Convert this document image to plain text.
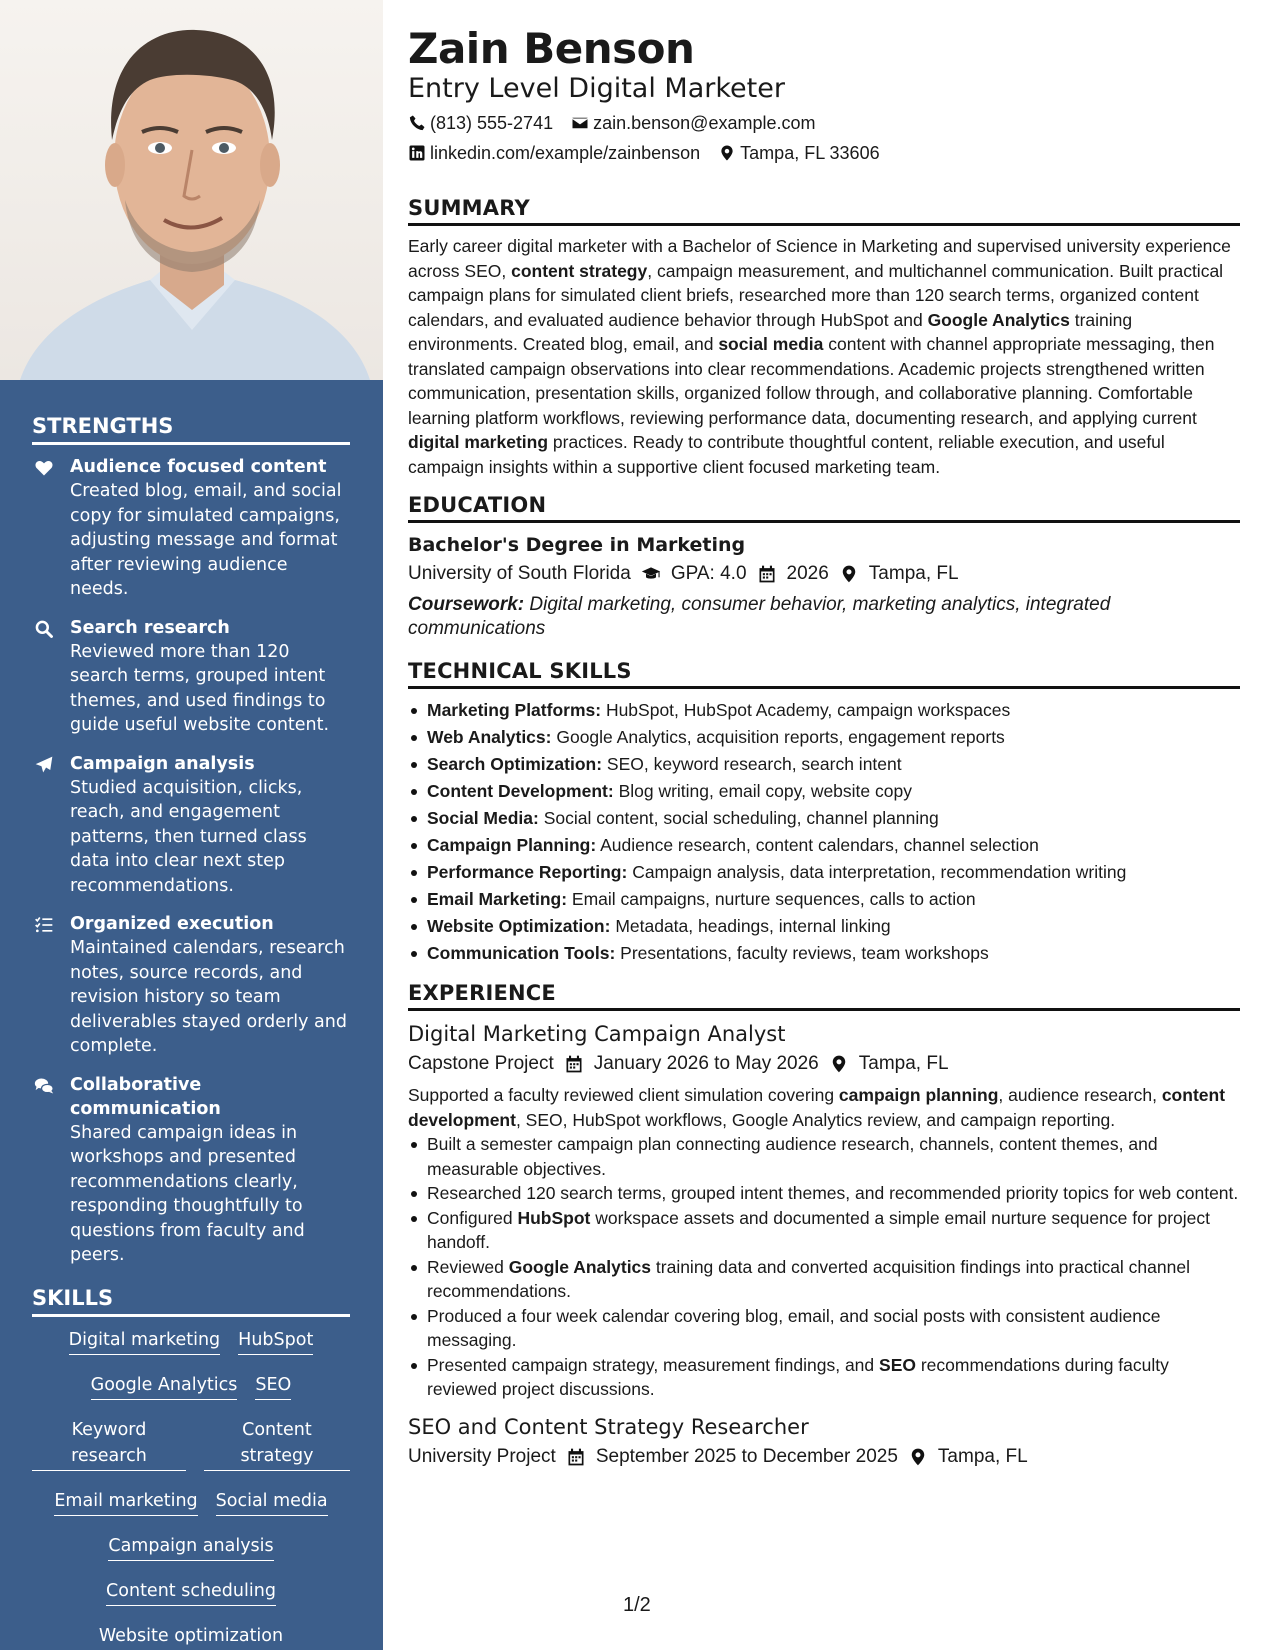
STRENGTHS
Audience focused content
Created blog, email, and social copy for simulated campaigns, adjusting message and format after reviewing audience needs.
Search research
Reviewed more than 120 search terms, grouped intent themes, and used findings to guide useful website content.
Campaign analysis
Studied acquisition, clicks, reach, and engagement patterns, then turned class data into clear next step recommendations.
Organized execution
Maintained calendars, research notes, source records, and revision history so team deliverables stayed orderly and complete.
Collaborative communication
Shared campaign ideas in workshops and presented recommendations clearly, responding thoughtfully to questions from faculty and peers.
SKILLS
Digital marketing HubSpot
Google Analytics SEO
Keyword research
Content strategy
Email marketing Social media
Campaign analysis
Content scheduling
Website optimization
Zain Benson
Entry Level Digital Marketer
(813) 555-2741 zain.benson@example.com
linkedin.com/example/zainbenson Tampa, FL 33606
SUMMARY

Early career digital marketer with a Bachelor of Science in Marketing and supervised university experience across SEO, content strategy, campaign measurement, and multichannel communication. Built practical campaign plans for simulated client briefs, researched more than 120 search terms, organized content calendars, and evaluated audience behavior through HubSpot and Google Analytics training environments. Created blog, email, and social media content with channel appropriate messaging, then translated campaign observations into clear recommendations. Academic projects strengthened written communication, presentation skills, organized follow through, and collaborative planning. Comfortable learning platform workflows, reviewing performance data, documenting research, and applying current digital marketing practices. Ready to contribute thoughtful content, reliable execution, and useful campaign insights within a supportive client focused marketing team.

EDUCATION
Bachelor's Degree in Marketing
University of South Florida GPA: 4.0 2026 Tampa, FL
Coursework: Digital marketing, consumer behavior, marketing analytics, integrated communications
TECHNICAL SKILLS
Marketing Platforms: HubSpot, HubSpot Academy, campaign workspaces
Web Analytics: Google Analytics, acquisition reports, engagement reports
Search Optimization: SEO, keyword research, search intent
Content Development: Blog writing, email copy, website copy
Social Media: Social content, social scheduling, channel planning
Campaign Planning: Audience research, content calendars, channel selection
Performance Reporting: Campaign analysis, data interpretation, recommendation writing
Email Marketing: Email campaigns, nurture sequences, calls to action
Website Optimization: Metadata, headings, internal linking
Communication Tools: Presentations, faculty reviews, team workshops
EXPERIENCE
Digital Marketing Campaign Analyst
Capstone Project January 2026 to May 2026 Tampa, FL

Supported a faculty reviewed client simulation covering campaign planning, audience research, content development, SEO, HubSpot workflows, Google Analytics review, and campaign reporting.

Built a semester campaign plan connecting audience research, channels, content themes, and measurable objectives.
Researched 120 search terms, grouped intent themes, and recommended priority topics for web content.
Configured HubSpot workspace assets and documented a simple email nurture sequence for project handoff.
Reviewed Google Analytics training data and converted acquisition findings into practical channel recommendations.
Produced a four week calendar covering blog, email, and social posts with consistent audience messaging.
Presented campaign strategy, measurement findings, and SEO recommendations during faculty reviewed project discussions.
SEO and Content Strategy Researcher
University Project September 2025 to December 2025 Tampa, FL
1/2
